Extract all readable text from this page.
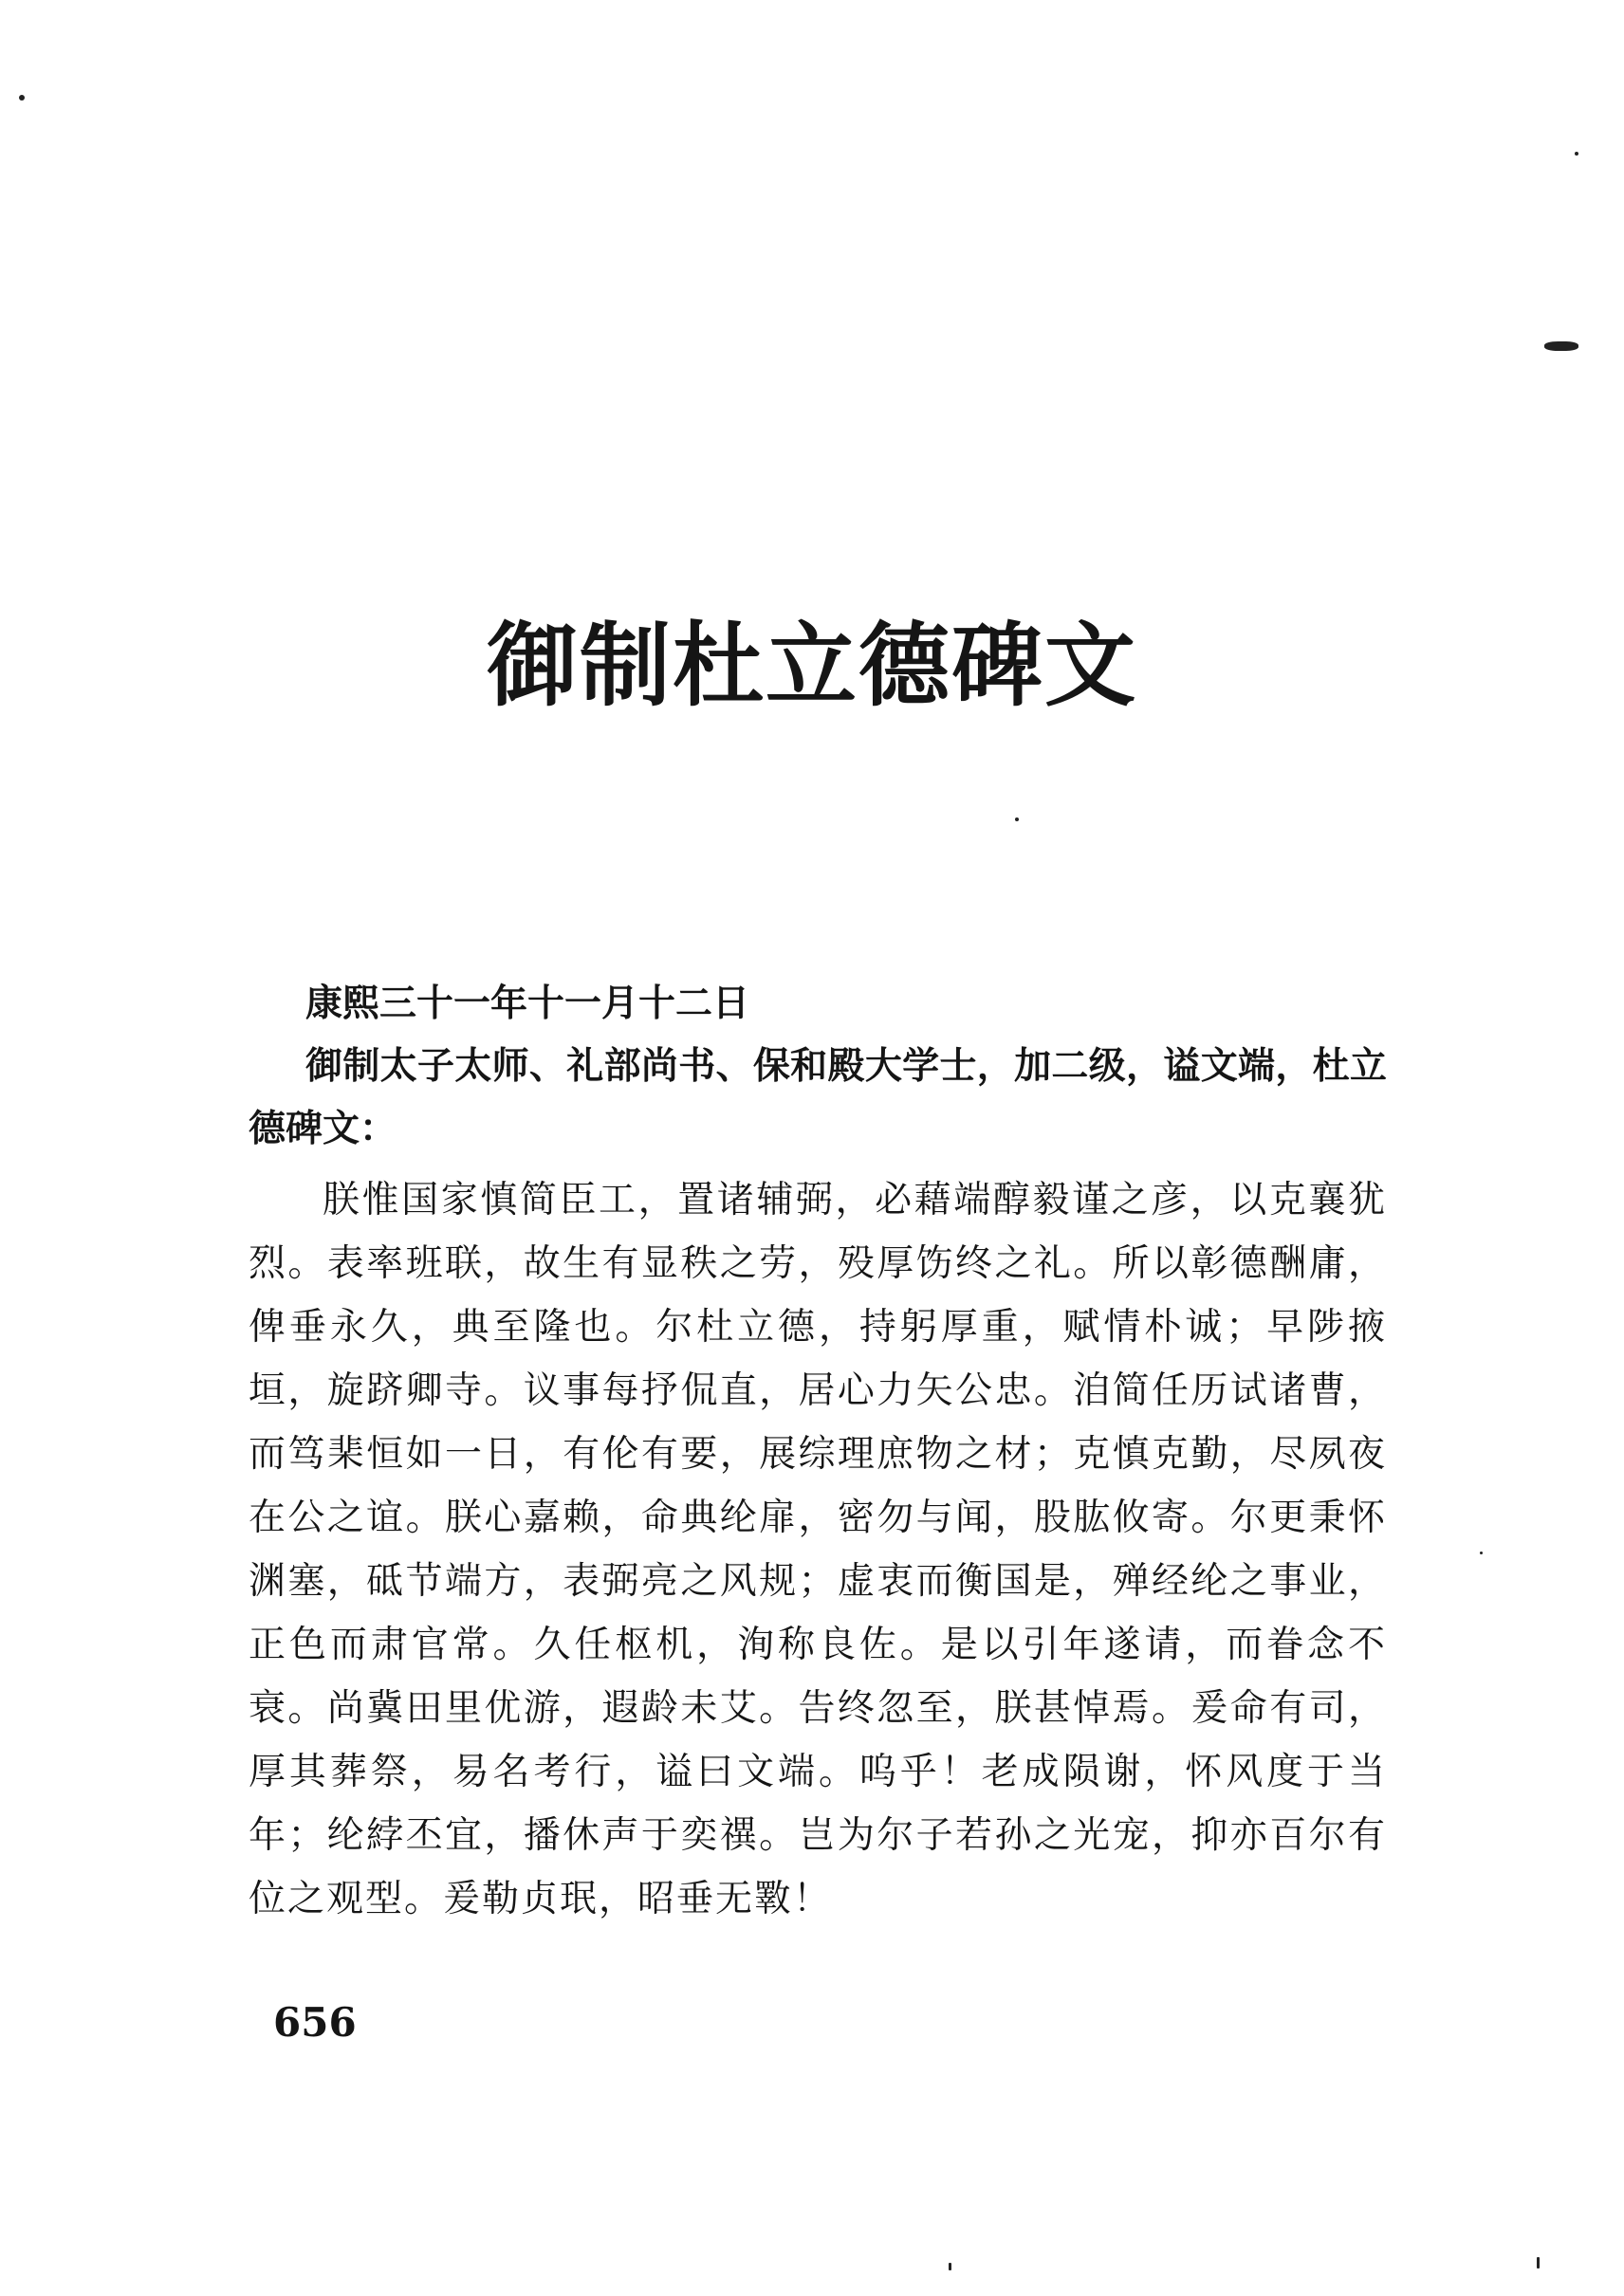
御制杜立德碑文

康熙三十一年十一月十二日

御制太子太师、礼部尚书、保和殿大学士，加二级，谥文端，杜立德碑文：

朕惟国家慎简臣工，置诸辅弼，必藉端醇毅谨之彦，以克襄犹烈。表率班联，故生有显秩之劳，殁厚饬终之礼。所以彰德酬庸，俾垂永久，典至隆也。尔杜立德，持躬厚重，赋情朴诚；早陟掖垣，旋跻卿寺。议事每抒侃直，居心力矢公忠。洎简任历试诸曹，而笃棐恒如一日，有伦有要，展综理庶物之材；克慎克勤，尽夙夜在公之谊。朕心嘉赖，命典纶扉，密勿与闻，股肱攸寄。尔更秉怀渊塞，砥节端方，表弼亮之风规；虚衷而衡国是，殚经纶之事业，正色而肃官常。久任枢机，洵称良佐。是以引年遂请，而眷念不衰。尚冀田里优游，遐龄未艾。告终忽至，朕甚悼焉。爰命有司，厚其葬祭，易名考行，谥曰文端。呜乎！老成陨谢，怀风度于当年；纶綍丕宜，播休声于奕禩。岂为尔子若孙之光宠，抑亦百尔有位之观型。爰勒贞珉，昭垂无斁！

656
